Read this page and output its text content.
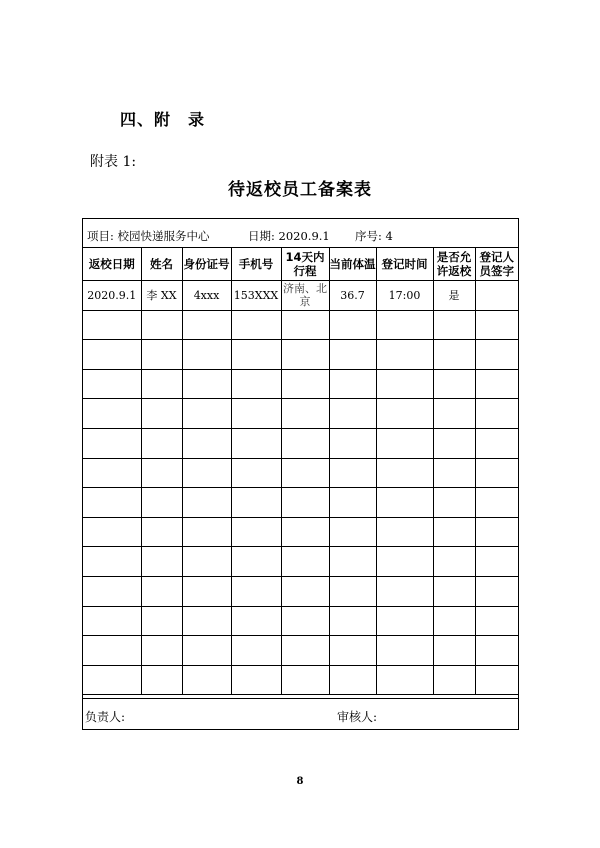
四、附　录
附表 1:
待返校员工备案表
项目: 校园快递服务中心	日期: 2020.9.1 序号: 4
返校日期	姓名	身份证号	手机号	14天内行程	当前体温	登记时间	是否允许返校	登记人员签字
2020.9.1	李 XX	4xxx	153XXX	济南、北京	36.7	17:00	是	

负责人:	审核人:
8
